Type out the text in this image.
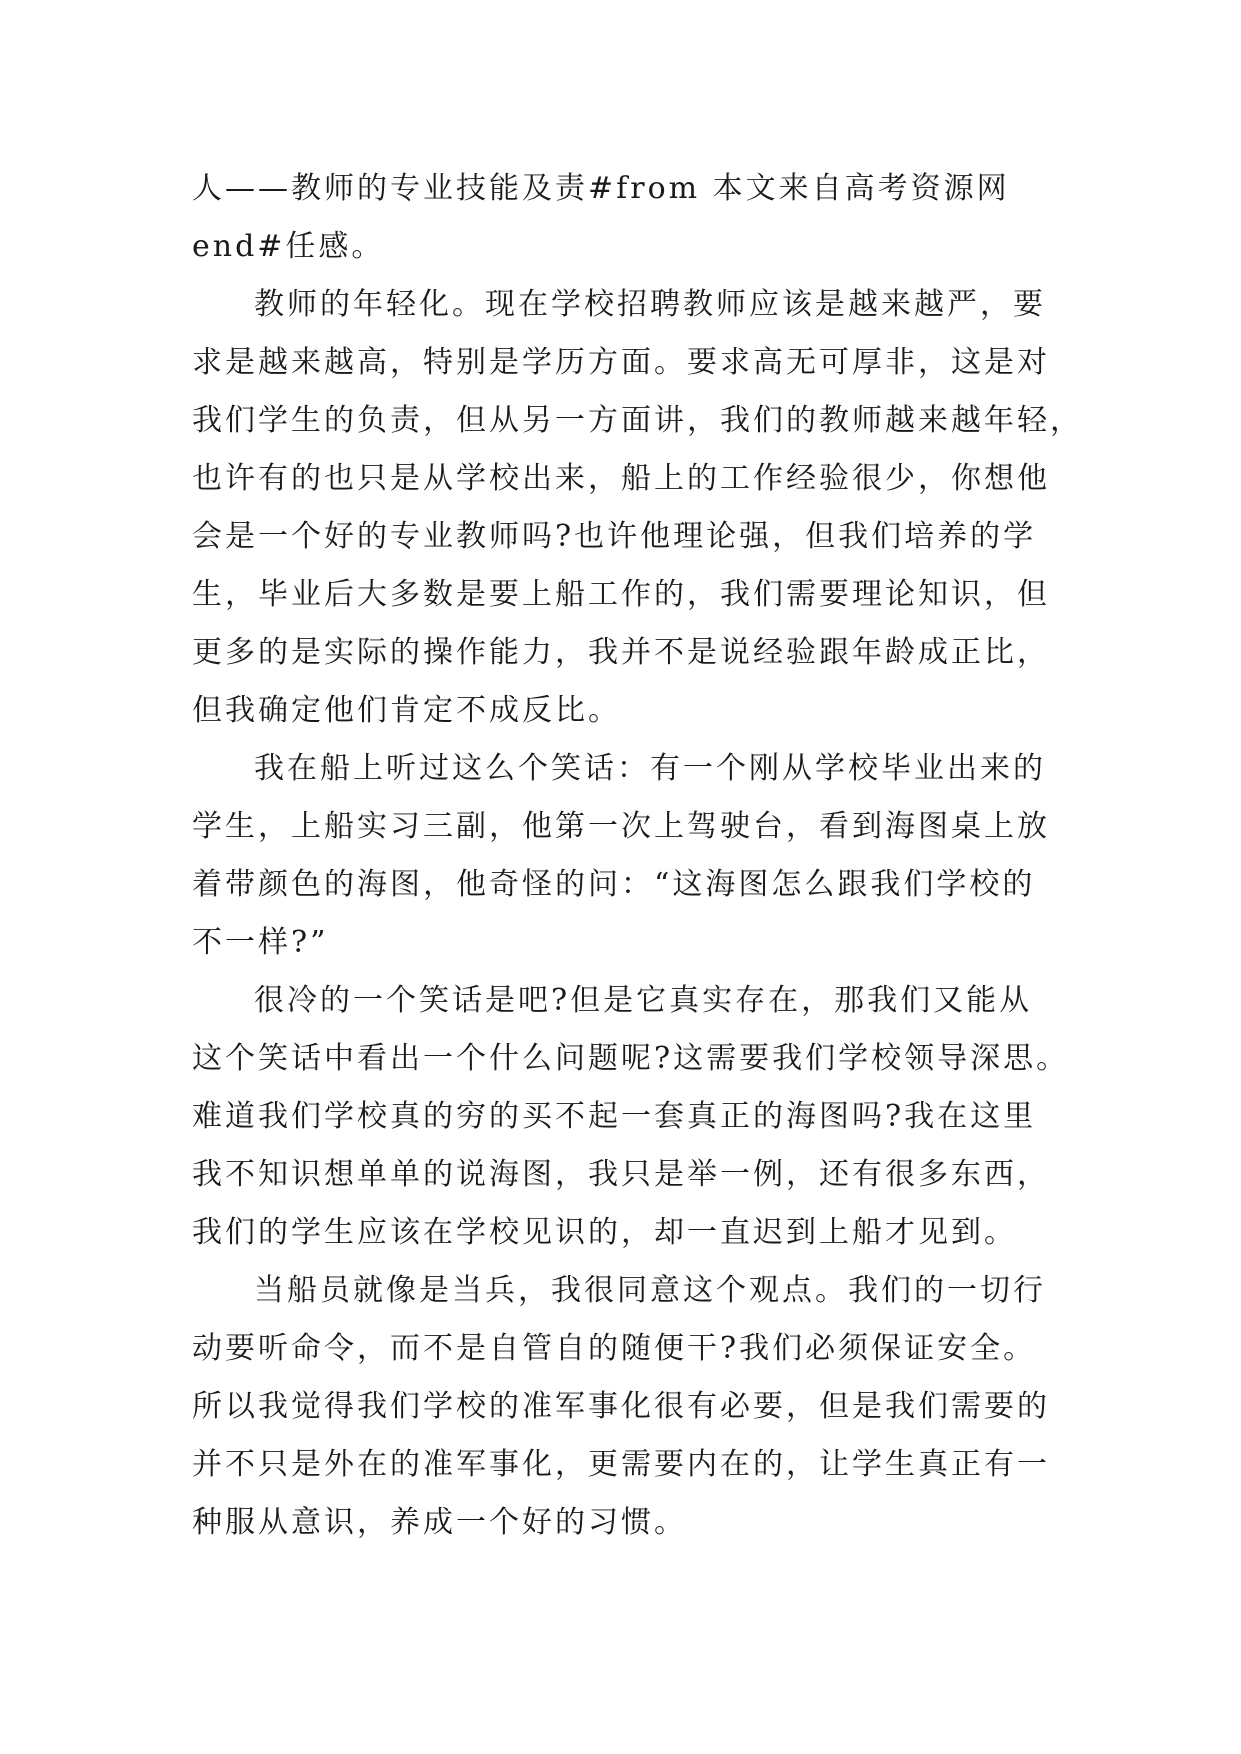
人——教师的专业技能及责#from 本文来自高考资源网
end#任感。
教师的年轻化。现在学校招聘教师应该是越来越严，要
求是越来越高，特别是学历方面。要求高无可厚非，这是对
我们学生的负责，但从另一方面讲，我们的教师越来越年轻，
也许有的也只是从学校出来，船上的工作经验很少，你想他
会是一个好的专业教师吗?也许他理论强，但我们培养的学
生，毕业后大多数是要上船工作的，我们需要理论知识，但
更多的是实际的操作能力，我并不是说经验跟年龄成正比，
但我确定他们肯定不成反比。
我在船上听过这么个笑话：有一个刚从学校毕业出来的
学生，上船实习三副，他第一次上驾驶台，看到海图桌上放
着带颜色的海图，他奇怪的问：“这海图怎么跟我们学校的
不一样?”
很冷的一个笑话是吧?但是它真实存在，那我们又能从
这个笑话中看出一个什么问题呢?这需要我们学校领导深思。
难道我们学校真的穷的买不起一套真正的海图吗?我在这里
我不知识想单单的说海图，我只是举一例，还有很多东西，
我们的学生应该在学校见识的，却一直迟到上船才见到。
当船员就像是当兵，我很同意这个观点。我们的一切行
动要听命令，而不是自管自的随便干?我们必须保证安全。
所以我觉得我们学校的准军事化很有必要，但是我们需要的
并不只是外在的准军事化，更需要内在的，让学生真正有一
种服从意识，养成一个好的习惯。
